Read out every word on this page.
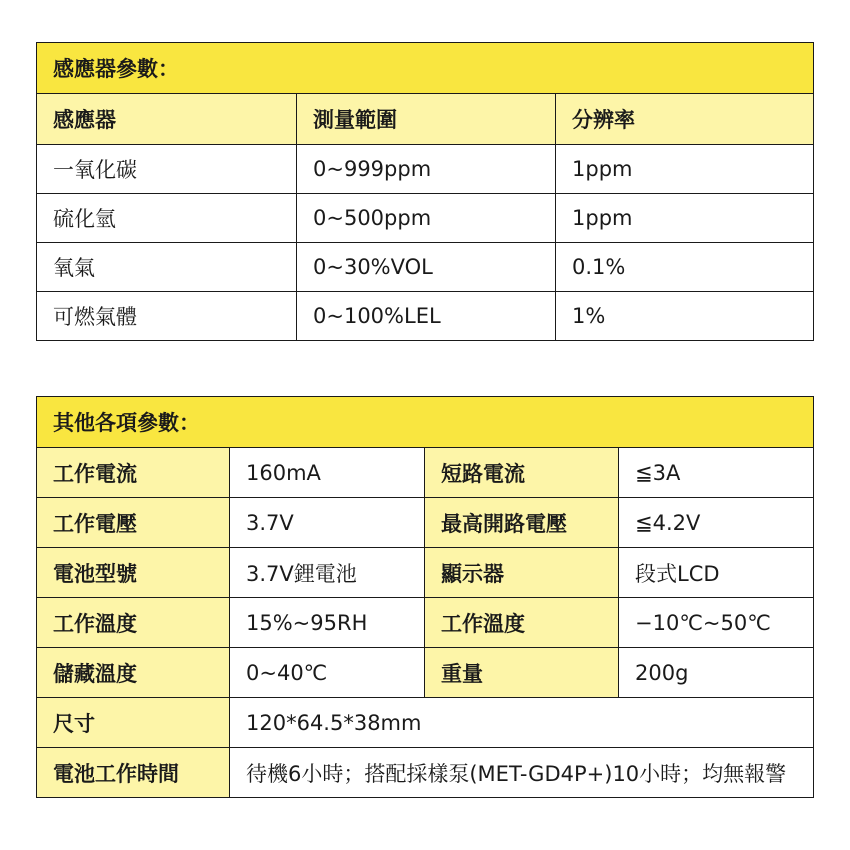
感應器參數：		
感應器	測量範圍	分辨率
一氧化碳	0~999ppm	1ppm
硫化氫	0~500ppm	1ppm
氧氣	0~30%VOL	0.1%
可燃氣體	0~100%LEL	1%
其他各項參數：			
工作電流	160mA	短路電流	≦3A
工作電壓	3.7V	最高開路電壓	≦4.2V
電池型號	3.7V鋰電池	顯示器	段式LCD
工作溫度	15%~95RH	工作溫度	−10℃~50℃
儲藏溫度	0~40℃	重量	200g
尺寸	120*64.5*38mm		
電池工作時間	待機6小時；搭配採樣泵(MET-GD4P+)10小時；均無報警		
